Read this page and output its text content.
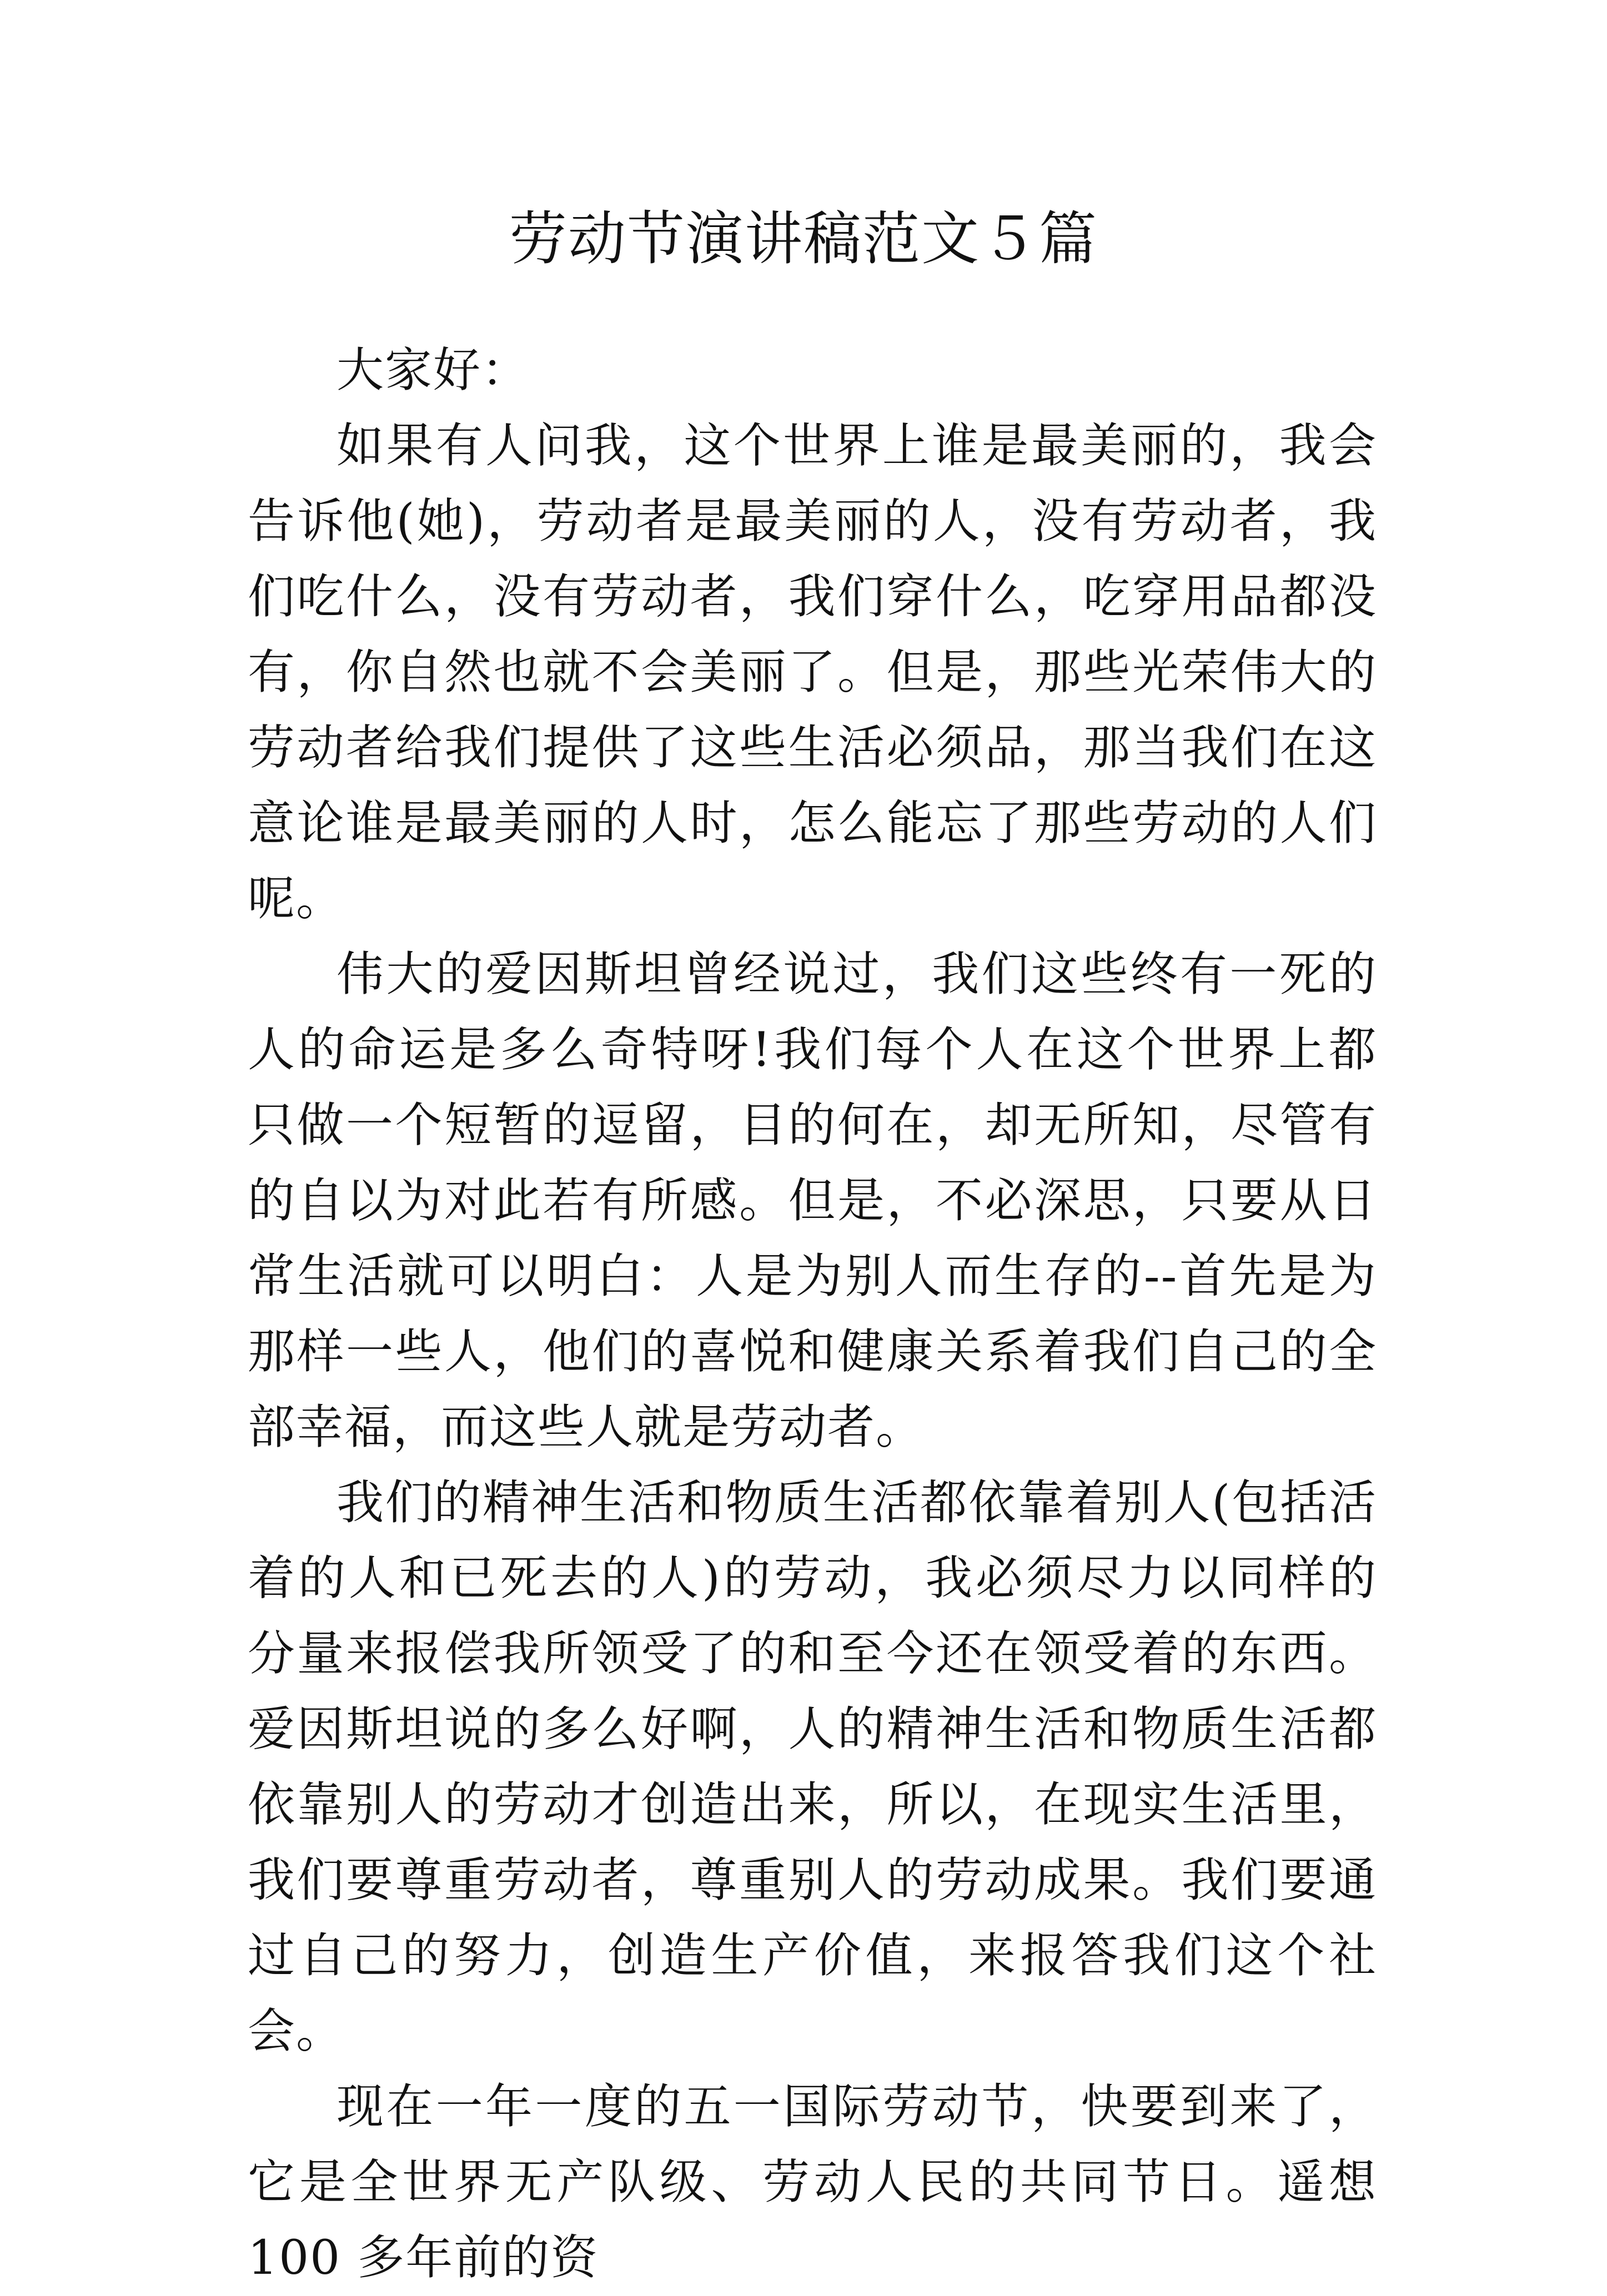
劳动节演讲稿范文５篇

大家好：

如果有人问我，这个世界上谁是最美丽的，我会告诉他(她)，劳动者是最美丽的人，没有劳动者，我们吃什么，没有劳动者，我们穿什么，吃穿用品都没有，你自然也就不会美丽了。但是，那些光荣伟大的劳动者给我们提供了这些生活必须品，那当我们在这意论谁是最美丽的人时，怎么能忘了那些劳动的人们呢。

伟大的爱因斯坦曾经说过，我们这些终有一死的人的命运是多么奇特呀!我们每个人在这个世界上都只做一个短暂的逗留，目的何在，却无所知，尽管有的自以为对此若有所感。但是，不必深思，只要从日常生活就可以明白：人是为别人而生存的--首先是为那样一些人，他们的喜悦和健康关系着我们自己的全部幸福，而这些人就是劳动者。

我们的精神生活和物质生活都依靠着别人(包括活着的人和已死去的人)的劳动，我必须尽力以同样的分量来报偿我所领受了的和至今还在领受着的东西。爱因斯坦说的多么好啊，人的精神生活和物质生活都依靠别人的劳动才创造出来，所以，在现实生活里，我们要尊重劳动者，尊重别人的劳动成果。我们要通过自己的努力，创造生产价值，来报答我们这个社会。

现在一年一度的五一国际劳动节，快要到来了，它是全世界无产队级、劳动人民的共同节日。遥想 100 多年前的资
